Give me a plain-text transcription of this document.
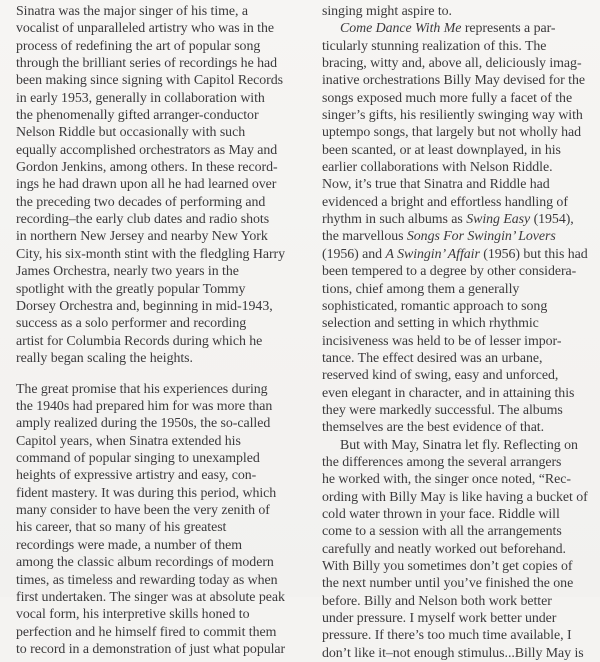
Sinatra was the major singer of his time, a
vocalist of unparalleled artistry who was in the
process of redefining the art of popular song
through the brilliant series of recordings he had
been making since signing with Capitol Records
in early 1953, generally in collaboration with
the phenomenally gifted arranger-conductor
Nelson Riddle but occasionally with such
equally accomplished orchestrators as May and
Gordon Jenkins, among others. In these record-
ings he had drawn upon all he had learned over
the preceding two decades of performing and
recording–the early club dates and radio shots
in northern New Jersey and nearby New York
City, his six-month stint with the fledgling Harry
James Orchestra, nearly two years in the
spotlight with the greatly popular Tommy
Dorsey Orchestra and, beginning in mid-1943,
success as a solo performer and recording
artist for Columbia Records during which he
really began scaling the heights.
The great promise that his experiences during
the 1940s had prepared him for was more than
amply realized during the 1950s, the so-called
Capitol years, when Sinatra extended his
command of popular singing to unexampled
heights of expressive artistry and easy, con-
fident mastery. It was during this period, which
many consider to have been the very zenith of
his career, that so many of his greatest
recordings were made, a number of them
among the classic album recordings of modern
times, as timeless and rewarding today as when
first undertaken. The singer was at absolute peak
vocal form, his interpretive skills honed to
perfection and he himself fired to commit them
to record in a demonstration of just what popular
singing might aspire to.
Come Dance With Me represents a par-
ticularly stunning realization of this. The
bracing, witty and, above all, deliciously imag-
inative orchestrations Billy May devised for the
songs exposed much more fully a facet of the
singer’s gifts, his resiliently swinging way with
uptempo songs, that largely but not wholly had
been scanted, or at least downplayed, in his
earlier collaborations with Nelson Riddle.
Now, it’s true that Sinatra and Riddle had
evidenced a bright and effortless handling of
rhythm in such albums as Swing Easy (1954),
the marvellous Songs For Swingin’ Lovers
(1956) and A Swingin’ Affair (1956) but this had
been tempered to a degree by other considera-
tions, chief among them a generally
sophisticated, romantic approach to song
selection and setting in which rhythmic
incisiveness was held to be of lesser impor-
tance. The effect desired was an urbane,
reserved kind of swing, easy and unforced,
even elegant in character, and in attaining this
they were markedly successful. The albums
themselves are the best evidence of that.
But with May, Sinatra let fly. Reflecting on
the differences among the several arrangers
he worked with, the singer once noted, “Rec-
ording with Billy May is like having a bucket of
cold water thrown in your face. Riddle will
come to a session with all the arrangements
carefully and neatly worked out beforehand.
With Billy you sometimes don’t get copies of
the next number until you’ve finished the one
before. Billy and Nelson both work better
under pressure. I myself work better under
pressure. If there’s too much time available, I
don’t like it–not enough stimulus...Billy May is
